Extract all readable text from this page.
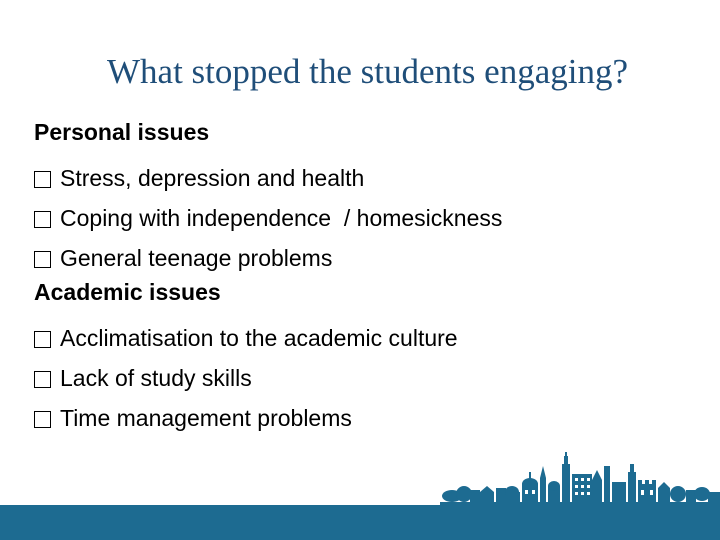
What stopped the students engaging?
Personal issues
Stress, depression and health
Coping with independence  / homesickness
General teenage problems
Academic issues
Acclimatisation to the academic culture
Lack of study skills
Time management problems
